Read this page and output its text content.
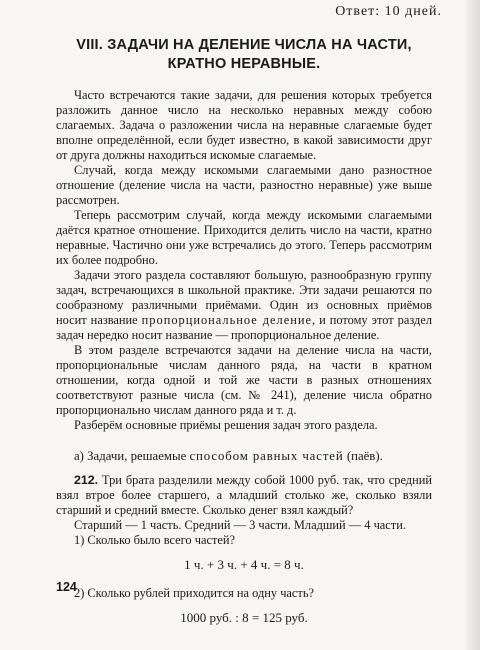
Ответ: 10 дней.
VIII. ЗАДАЧИ НА ДЕЛЕНИЕ ЧИСЛА НА ЧАСТИ, КРАТНО НЕРАВНЫЕ.

Часто встречаются такие задачи, для решения которых требуется разложить данное число на несколько неравных между собою слагаемых. Задача о разложении числа на неравные слагаемые будет вполне определённой, если будет известно, в какой зависимости друг от друга должны находиться искомые слагаемые.

Случай, когда между искомыми слагаемыми дано разностное отношение (деление числа на части, разностно неравные) уже выше рассмотрен.

Теперь рассмотрим случай, когда между искомыми слагаемыми даётся кратное отношение. Приходится делить число на части, кратно неравные. Частично они уже встречались до этого. Теперь рассмотрим их более подробно.

Задачи этого раздела составляют большую, разнообразную группу задач, встречающихся в школьной практике. Эти задачи решаются по сообразному различными приёмами. Один из основных приёмов носит название пропорциональное деление, и потому этот раздел задач нередко носит название — пропорциональное деление.

В этом разделе встречаются задачи на деление числа на части, пропорциональные числам данного ряда, на части в кратном отношении, когда одной и той же части в разных отношениях соответствуют разные числа (см. № 241), деление числа обратно пропорционально числам данного ряда и т. д.

Разберём основные приёмы решения задач этого раздела.

а) Задачи, решаемые способом равных частей (паёв).

212. Три брата разделили между собой 1000 руб. так, что средний взял втрое более старшего, а младший столько же, сколько взяли старший и средний вместе. Сколько денег взял каждый?

Старший — 1 часть. Средний — 3 части. Младший — 4 части.

1) Сколько было всего частей?

1 ч. + 3 ч. + 4 ч. = 8 ч.

2) Сколько рублей приходится на одну часть?

1000 руб. : 8 = 125 руб.
124
